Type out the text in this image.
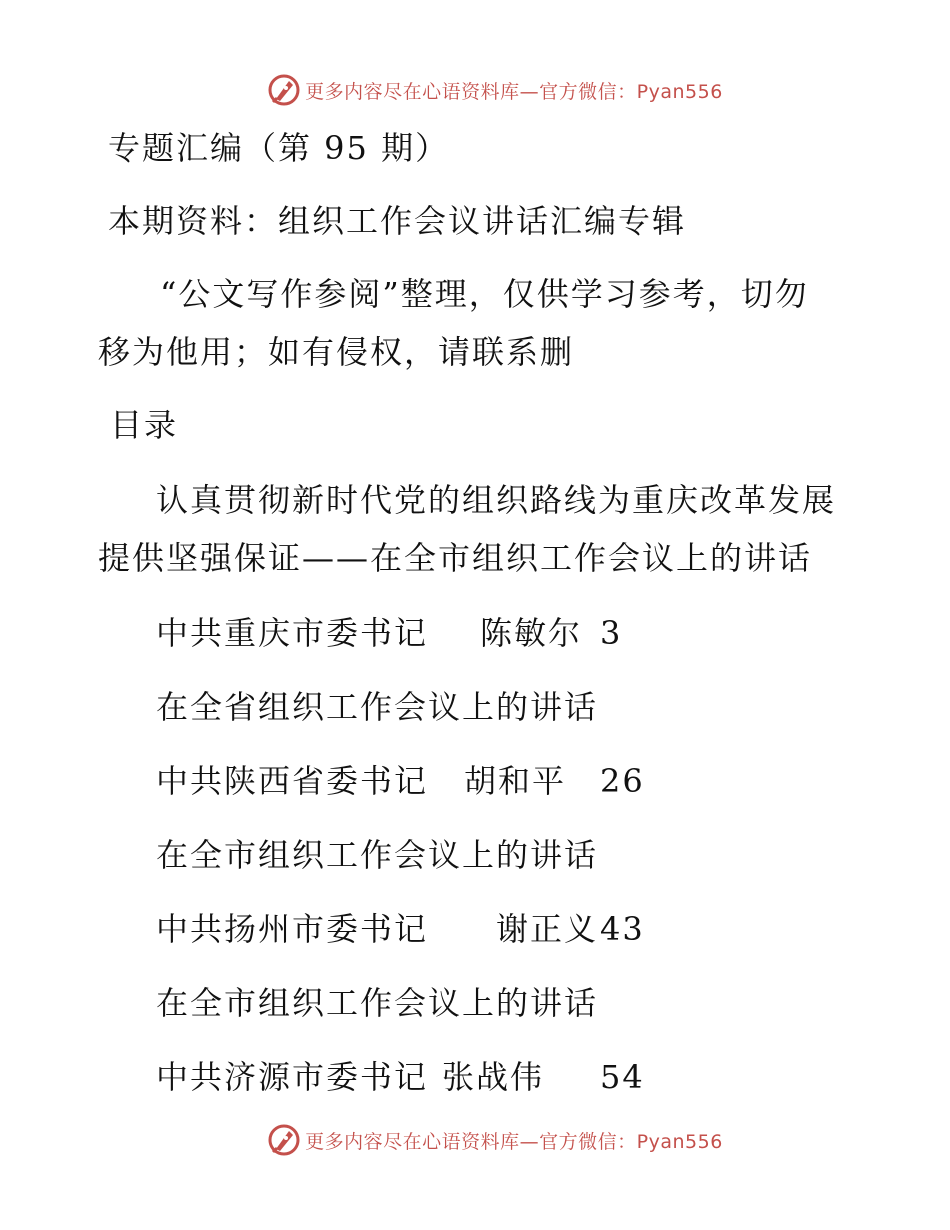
更多内容尽在心语资料库—官方微信：Pyan556
专题汇编（第 95 期）
本期资料：组织工作会议讲话汇编专辑
“公文写作参阅”整理，仅供学习参考，切勿
移为他用；如有侵权，请联系删
目录
认真贯彻新时代党的组织路线为重庆改革发展
提供坚强保证——在全市组织工作会议上的讲话
中共重庆市委书记 陈敏尔 3
在全省组织工作会议上的讲话
中共陕西省委书记 胡和平 26
在全市组织工作会议上的讲话
中共扬州市委书记 谢正义 43
在全市组织工作会议上的讲话
中共济源市委书记 张战伟 54
更多内容尽在心语资料库—官方微信：Pyan556
